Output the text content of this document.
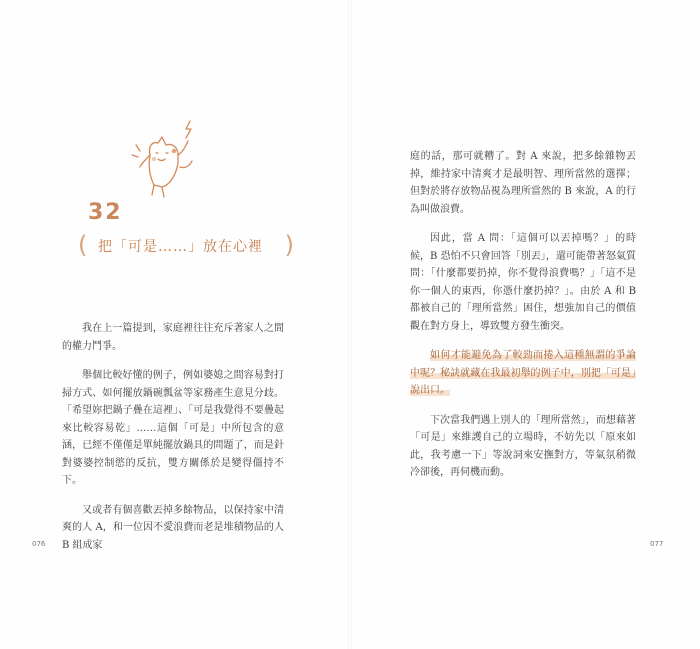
32
( 把「可是……」放在心裡 )

我在上一篇提到，家庭裡往往充斥著家人之間的權力鬥爭。

舉個比較好懂的例子，例如婆媳之間容易對打掃方式、如何擺放鍋碗瓢盆等家務產生意見分歧。「希望妳把鍋子疊在這裡」、「可是我覺得不要疊起來比較容易乾」……這個「可是」中所包含的意涵，已經不僅僅是單純擺放鍋具的問題了，而是針對婆婆控制慾的反抗，雙方關係於是變得僵持不下。

又或者有個喜歡丟掉多餘物品，以保持家中清爽的人 A，和一位因不愛浪費而老是堆積物品的人 B 組成家

076

庭的話，那可就糟了。對 A 來說，把多餘雜物丟掉，維持家中清爽才是最明智、理所當然的選擇；但對於將存放物品視為理所當然的 B 來說，A 的行為叫做浪費。

因此，當 A 問：「這個可以丟掉嗎？」的時候，B 恐怕不只會回答「別丟」，還可能帶著怒氣質問：「什麼都要扔掉，你不覺得浪費嗎？」「這不是你一個人的東西，你憑什麼扔掉？」。由於 A 和 B 都被自己的「理所當然」困住，想強加自己的價值觀在對方身上，導致雙方發生衝突。

如何才能避免為了較勁而捲入這種無謂的爭論中呢？秘訣就藏在我最初舉的例子中，別把「可是」說出口。

下次當我們遇上別人的「理所當然」，而想藉著「可是」來維護自己的立場時，不妨先以「原來如此，我考慮一下」等說詞來安撫對方，等氣氛稍微冷卻後，再伺機而動。

077
